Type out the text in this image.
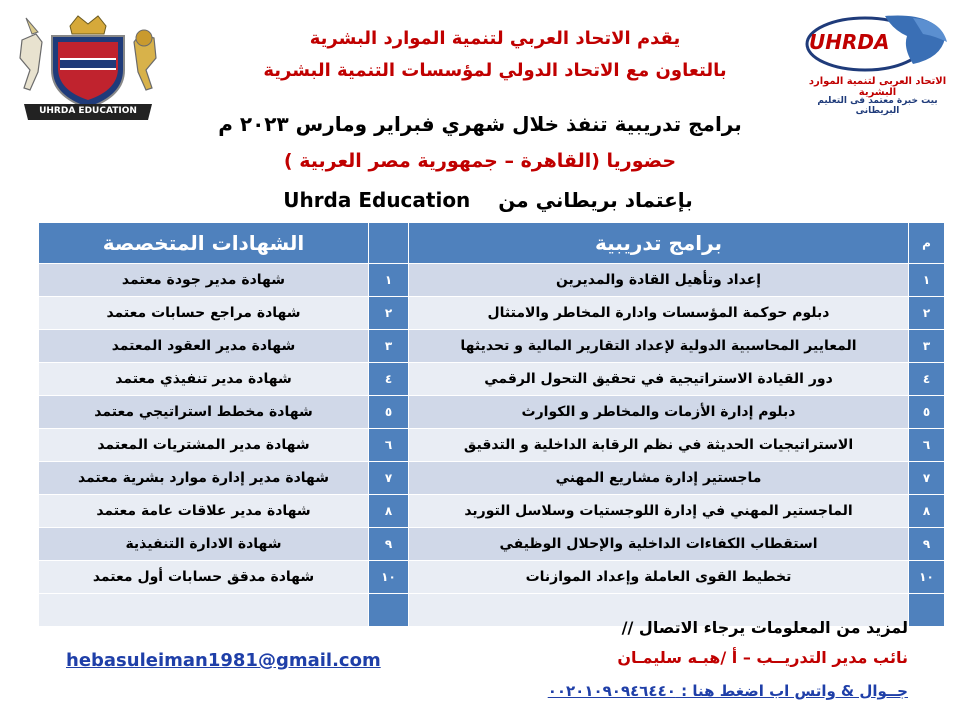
UHRDA EDUCATION
UHRDA
الاتحاد العربى لتنمية الموارد البشرية
بيت خبرة معتمد فى التعليم البريطانى
يقدم الاتحاد العربي لتنمية الموارد البشرية
بالتعاون مع الاتحاد الدولي لمؤسسات التنمية البشرية
برامج تدريبية تنفذ خلال شهري فبراير ومارس ٢٠٢٣ م
حضوريا (القاهرة – جمهورية مصر العربية )
Uhrda Education بإعتماد بريطاني من
الشهادات المتخصصة		برامج تدريبية	م
شهادة مدير جودة معتمد	١	إعداد وتأهيل القادة والمديرين	١
شهادة مراجع حسابات معتمد	٢	دبلوم حوكمة المؤسسات وادارة المخاطر والامتثال	٢
شهادة مدير العقود المعتمد	٣	المعايير المحاسبية الدولية لإعداد التقارير المالية و تحديثها	٣
شهادة مدير تنفيذي معتمد	٤	دور القيادة الاستراتيجية في تحقيق التحول الرقمي	٤
شهادة مخطط استراتيجي معتمد	٥	دبلوم إدارة الأزمات والمخاطر و الكوارث	٥
شهادة مدير المشتريات المعتمد	٦	الاستراتيجيات الحديثة في نظم الرقابة الداخلية و التدقيق	٦
شهادة مدير إدارة موارد بشرية معتمد	٧	ماجستير إدارة مشاريع المهني	٧
شهادة مدير علاقات عامة معتمد	٨	الماجستير المهني في إدارة اللوجستيات وسلاسل التوريد	٨
شهادة الادارة التنفيذية	٩	استقطاب الكفاءات الداخلية والإحلال الوظيفي	٩
شهادة مدقق حسابات أول معتمد	١٠	تخطيط القوى العاملة وإعداد الموازنات	١٠

لمزيد من المعلومات يرجاء الاتصال //
نائب مدير التدريــب – أ /هبـه سليمـان
hebasuleiman1981@gmail.com
جــوال & واتس اب اضغط هنا : ٠٠٢٠١٠٩٠٩٤٦٤٤٠
